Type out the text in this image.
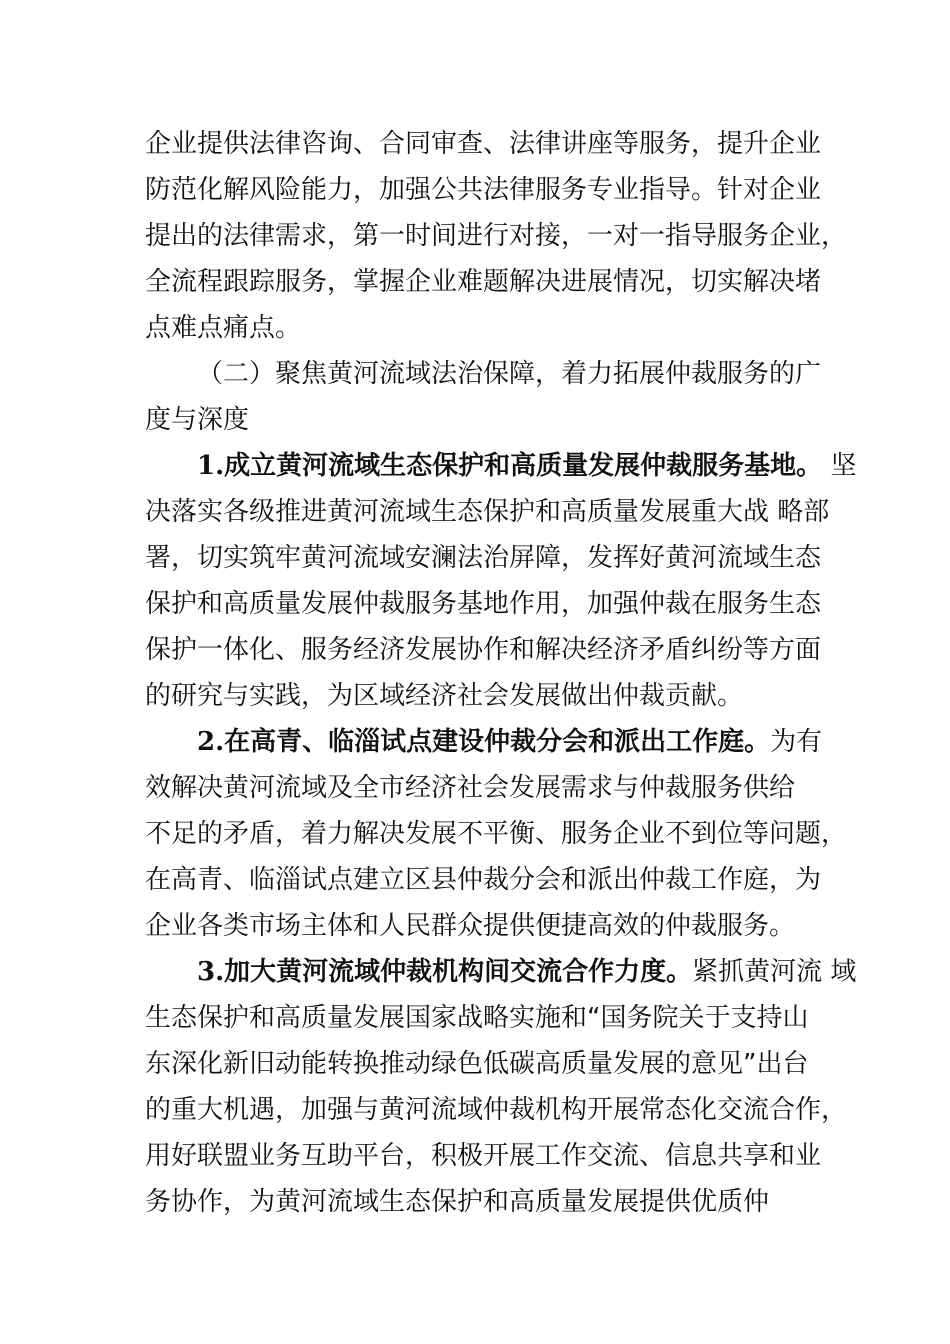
企业提供法律咨询、合同审查、法律讲座等服务，提升企业
防范化解风险能力，加强公共法律服务专业指导。针对企业
提出的法律需求，第一时间进行对接，一对一指导服务企业，
全流程跟踪服务，掌握企业难题解决进展情况，切实解决堵
点难点痛点。
（二）聚焦黄河流域法治保障，着力拓展仲裁服务的广
度与深度
1.成立黄河流域生态保护和高质量发展仲裁服务基地。 坚
决落实各级推进黄河流域生态保护和高质量发展重大战 略部
署，切实筑牢黄河流域安澜法治屏障，发挥好黄河流域生态
保护和高质量发展仲裁服务基地作用，加强仲裁在服务生态
保护一体化、服务经济发展协作和解决经济矛盾纠纷等方面
的研究与实践，为区域经济社会发展做出仲裁贡献。
2.在高青、临淄试点建设仲裁分会和派出工作庭。为有
效解决黄河流域及全市经济社会发展需求与仲裁服务供给
不足的矛盾，着力解决发展不平衡、服务企业不到位等问题，
在高青、临淄试点建立区县仲裁分会和派出仲裁工作庭，为
企业各类市场主体和人民群众提供便捷高效的仲裁服务。
3.加大黄河流域仲裁机构间交流合作力度。紧抓黄河流 域
生态保护和高质量发展国家战略实施和“国务院关于支持山
东深化新旧动能转换推动绿色低碳高质量发展的意见”出台
的重大机遇，加强与黄河流域仲裁机构开展常态化交流合作，
用好联盟业务互助平台，积极开展工作交流、信息共享和业
务协作，为黄河流域生态保护和高质量发展提供优质仲
